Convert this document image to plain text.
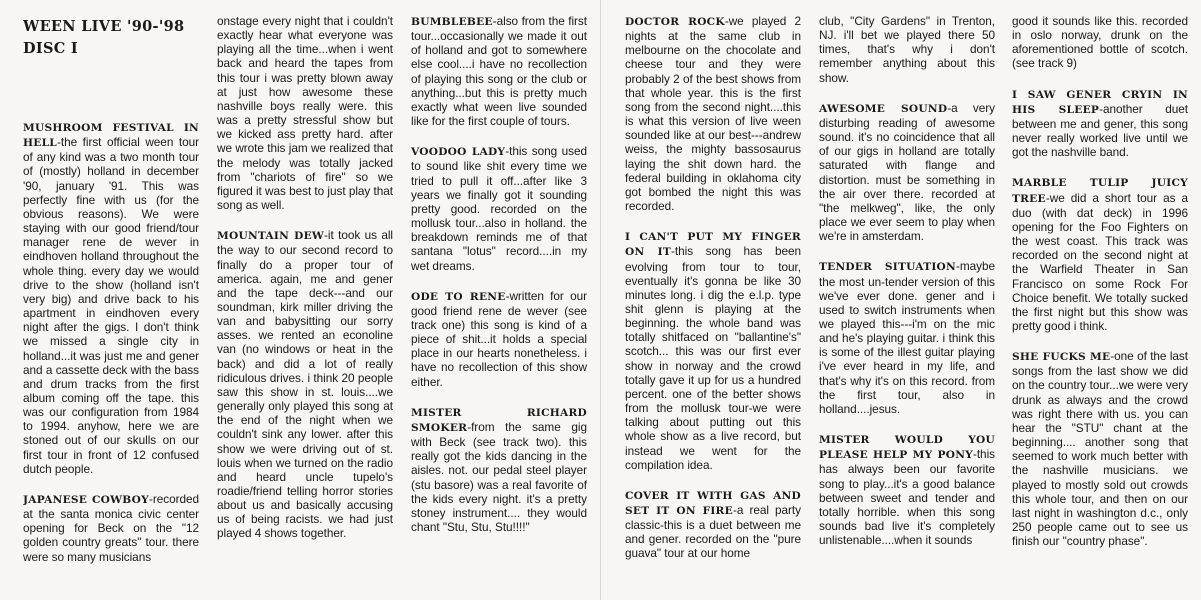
WEEN LIVE '90-'98
DISC I

MUSHROOM FESTIVAL IN HELL-the first official ween tour of any kind was a two month tour of (mostly) holland in december '90, january '91. This was perfectly fine with us (for the obvious reasons). We were staying with our good friend/tour manager rene de wever in eindhoven holland throughout the whole thing. every day we would drive to the show (holland isn't very big) and drive back to his apartment in eindhoven every night after the gigs. I don't think we missed a single city in holland...it was just me and gener and a cassette deck with the bass and drum tracks from the first album coming off the tape. this was our configuration from 1984 to 1994. anyhow, here we are stoned out of our skulls on our first tour in front of 12 confused dutch people.

JAPANESE COWBOY-recorded at the santa monica civic center opening for Beck on the "12 golden country greats" tour. there were so many musicians

onstage every night that i couldn't exactly hear what everyone was playing all the time...when i went back and heard the tapes from this tour i was pretty blown away at just how awesome these nashville boys really were. this was a pretty stressful show but we kicked ass pretty hard. after we wrote this jam we realized that the melody was totally jacked from "chariots of fire" so we figured it was best to just play that song as well.

MOUNTAIN DEW-it took us all the way to our second record to finally do a proper tour of america. again, me and gener and the tape deck---and our soundman, kirk miller driving the van and babysitting our sorry asses. we rented an econoline van (no windows or heat in the back) and did a lot of really ridiculous drives. i think 20 people saw this show in st. louis....we generally only played this song at the end of the night when we couldn't sink any lower. after this show we were driving out of st. louis when we turned on the radio and heard uncle tupelo's roadie/friend telling horror stories about us and basically accusing us of being racists. we had just played 4 shows together.

BUMBLEBEE-also from the first tour...occasionally we made it out of holland and got to somewhere else cool....i have no recollection of playing this song or the club or anything...but this is pretty much exactly what ween live sounded like for the first couple of tours.

VOODOO LADY-this song used to sound like shit every time we tried to pull it off...after like 3 years we finally got it sounding pretty good. recorded on the mollusk tour...also in holland. the breakdown reminds me of that santana "lotus" record....in my wet dreams.

ODE TO RENE-written for our good friend rene de wever (see track one) this song is kind of a piece of shit...it holds a special place in our hearts nonetheless. i have no recollection of this show either.

MISTER RICHARD SMOKER-from the same gig with Beck (see track two). this really got the kids dancing in the aisles. not. our pedal steel player (stu basore) was a real favorite of the kids every night. it's a pretty stoney instrument.... they would chant "Stu, Stu, Stu!!!!"

DOCTOR ROCK-we played 2 nights at the same club in melbourne on the chocolate and cheese tour and they were probably 2 of the best shows from that whole year. this is the first song from the second night....this is what this version of live ween sounded like at our best---andrew weiss, the mighty bassosaurus laying the shit down hard. the federal building in oklahoma city got bombed the night this was recorded.

I CAN'T PUT MY FINGER ON IT-this song has been evolving from tour to tour, eventually it's gonna be like 30 minutes long. i dig the e.l.p. type shit glenn is playing at the beginning. the whole band was totally shitfaced on "ballantine's" scotch... this was our first ever show in norway and the crowd totally gave it up for us a hundred percent. one of the better shows from the mollusk tour-we were talking about putting out this whole show as a live record, but instead we went for the compilation idea.

COVER IT WITH GAS AND SET IT ON FIRE-a real party classic-this is a duet between me and gener. recorded on the "pure guava" tour at our home

club, "City Gardens" in Trenton, NJ. i'll bet we played there 50 times, that's why i don't remember anything about this show.

AWESOME SOUND-a very disturbing reading of awesome sound. it's no coincidence that all of our gigs in holland are totally saturated with flange and distortion. must be something in the air over there. recorded at "the melkweg", like, the only place we ever seem to play when we're in amsterdam.

TENDER SITUATION-maybe the most un-tender version of this we've ever done. gener and i used to switch instruments when we played this---i'm on the mic and he's playing guitar. i think this is some of the illest guitar playing i've ever heard in my life, and that's why it's on this record. from the first tour, also in holland....jesus.

MISTER WOULD YOU PLEASE HELP MY PONY-this has always been our favorite song to play...it's a good balance between sweet and tender and totally horrible. when this song sounds bad live it's completely unlistenable....when it sounds

good it sounds like this. recorded in oslo norway, drunk on the aforementioned bottle of scotch. (see track 9)

I SAW GENER CRYIN IN HIS SLEEP-another duet between me and gener, this song never really worked live until we got the nashville band.

MARBLE TULIP JUICY TREE-we did a short tour as a duo (with dat deck) in 1996 opening for the Foo Fighters on the west coast. This track was recorded on the second night at the Warfield Theater in San Francisco on some Rock For Choice benefit. We totally sucked the first night but this show was pretty good i think.

SHE FUCKS ME-one of the last songs from the last show we did on the country tour...we were very drunk as always and the crowd was right there with us. you can hear the "STU" chant at the beginning.... another song that seemed to work much better with the nashville musicians. we played to mostly sold out crowds this whole tour, and then on our last night in washington d.c., only 250 people came out to see us finish our "country phase".
